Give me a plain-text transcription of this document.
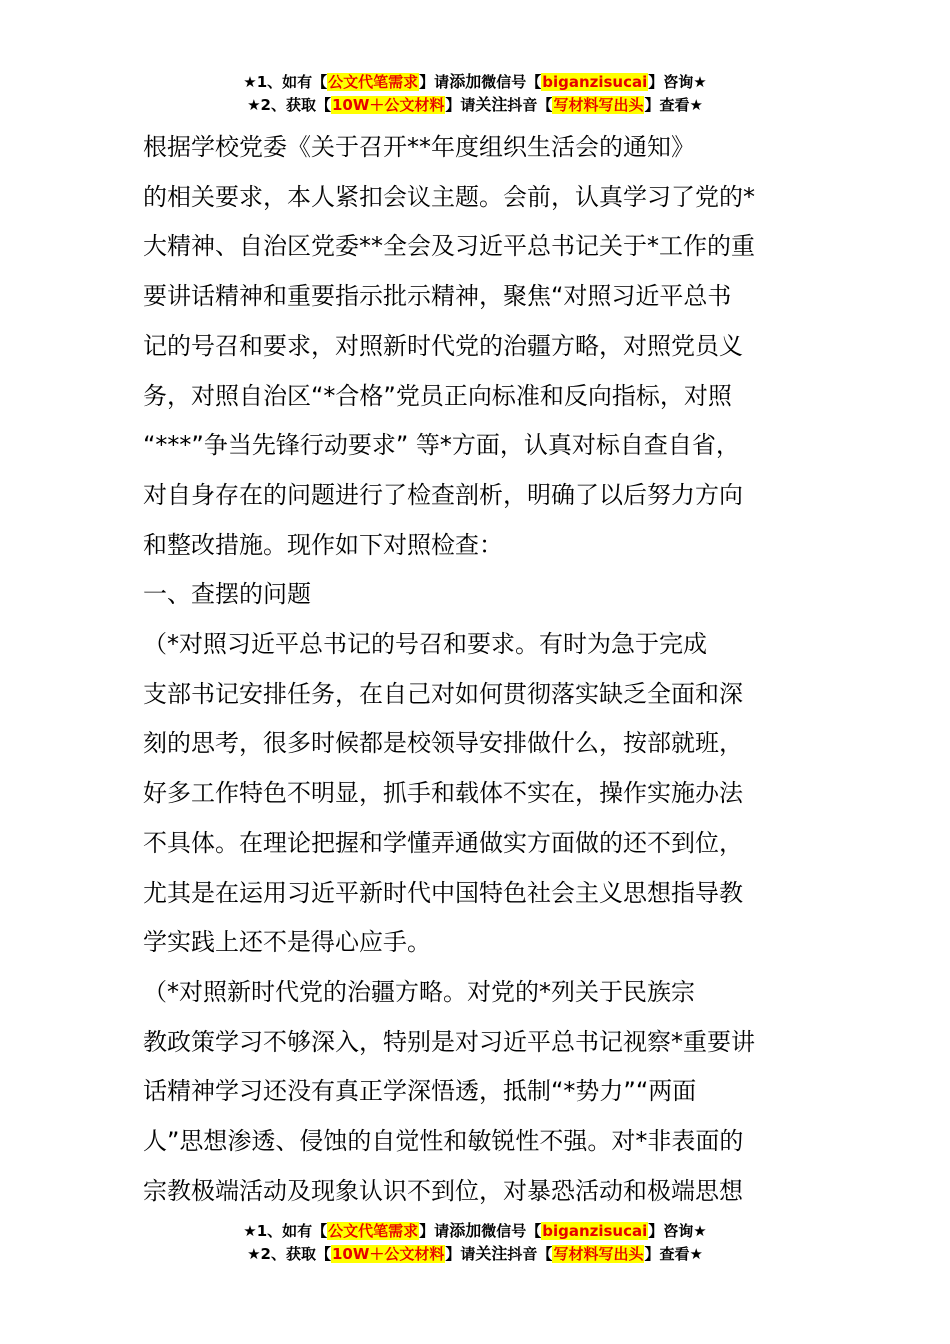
★1、如有【公文代笔需求】请添加微信号【biganzisucai】咨询★
★2、获取【10W＋公文材料】请关注抖音【写材料写出头】查看★

根据学校党委《关于召开**年度组织生活会的通知》

的相关要求，本人紧扣会议主题。会前，认真学习了党的*

大精神、自治区党委**全会及习近平总书记关于*工作的重

要讲话精神和重要指示批示精神，聚焦“对照习近平总书

记的号召和要求，对照新时代党的治疆方略，对照党员义

务，对照自治区“*合格”党员正向标准和反向指标，对照

“***”争当先锋行动要求” 等*方面，认真对标自查自省，

对自身存在的问题进行了检查剖析，明确了以后努力方向

和整改措施。现作如下对照检查：

一、查摆的问题

（*对照习近平总书记的号召和要求。有时为急于完成

支部书记安排任务，在自己对如何贯彻落实缺乏全面和深

刻的思考，很多时候都是校领导安排做什么，按部就班，

好多工作特色不明显，抓手和载体不实在，操作实施办法

不具体。在理论把握和学懂弄通做实方面做的还不到位，

尤其是在运用习近平新时代中国特色社会主义思想指导教

学实践上还不是得心应手。

（*对照新时代党的治疆方略。对党的*列关于民族宗

教政策学习不够深入，特别是对习近平总书记视察*重要讲

话精神学习还没有真正学深悟透，抵制“*势力”“两面

人”思想渗透、侵蚀的自觉性和敏锐性不强。对*非表面的

宗教极端活动及现象认识不到位，对暴恐活动和极端思想

★1、如有【公文代笔需求】请添加微信号【biganzisucai】咨询★
★2、获取【10W＋公文材料】请关注抖音【写材料写出头】查看★
